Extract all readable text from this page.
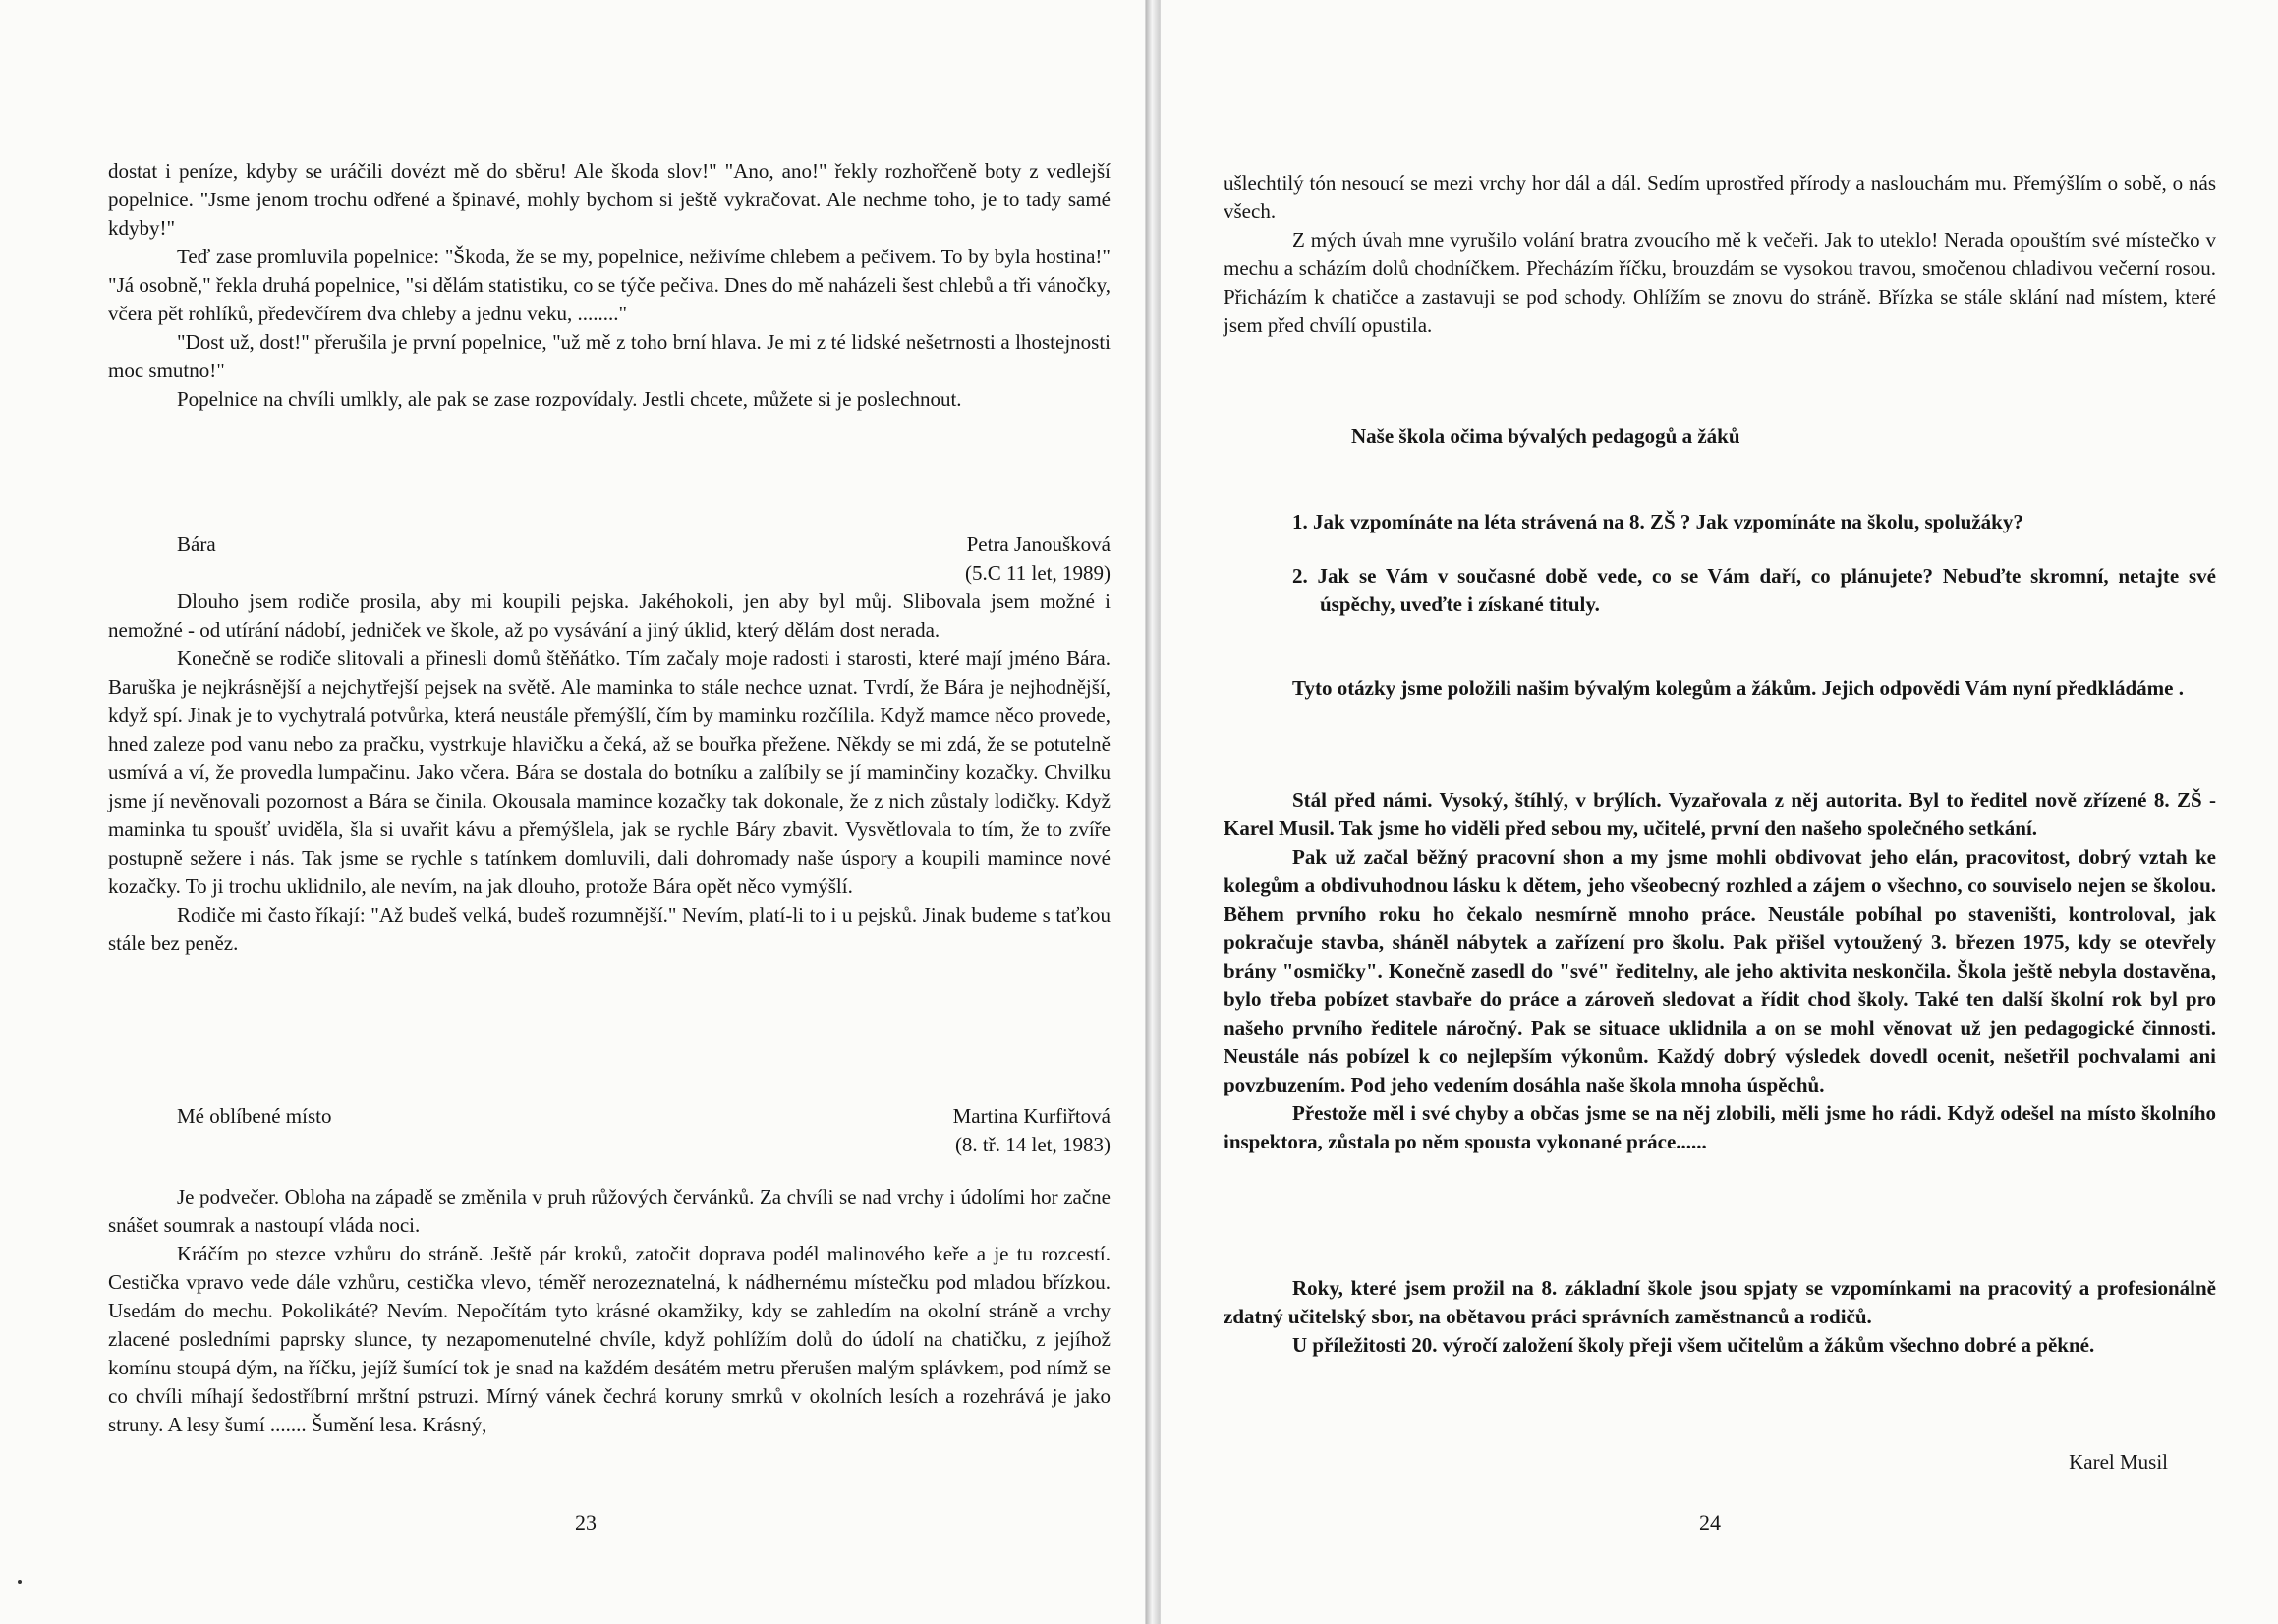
dostat i peníze, kdyby se uráčili dovézt mě do sběru! Ale škoda slov!" "Ano, ano!" řekly rozhořčeně boty z vedlejší popelnice. "Jsme jenom trochu odřené a špinavé, mohly bychom si ještě vykračovat. Ale nechme toho, je to tady samé kdyby!"

Teď zase promluvila popelnice: "Škoda, že se my, popelnice, neživíme chlebem a pečivem. To by byla hostina!" "Já osobně," řekla druhá popelnice, "si dělám statistiku, co se týče pečiva. Dnes do mě naházeli šest chlebů a tři vánočky, včera pět rohlíků, předevčírem dva chleby a jednu veku, ........"

"Dost už, dost!" přerušila je první popelnice, "už mě z toho brní hlava. Je mi z té lidské nešetrnosti a lhostejnosti moc smutno!"

Popelnice na chvíli umlkly, ale pak se zase rozpovídaly. Jestli chcete, můžete si je poslechnout.

Bára	Petra Janoušková
(5.C 11 let, 1989)

Dlouho jsem rodiče prosila, aby mi koupili pejska. Jakéhokoli, jen aby byl můj. Slibovala jsem možné i nemožné - od utírání nádobí, jedniček ve škole, až po vysávání a jiný úklid, který dělám dost nerada.

Konečně se rodiče slitovali a přinesli domů štěňátko. Tím začaly moje radosti i starosti, které mají jméno Bára. Baruška je nejkrásnější a nejchytřejší pejsek na světě. Ale maminka to stále nechce uznat. Tvrdí, že Bára je nejhodnější, když spí. Jinak je to vychytralá potvůrka, která neustále přemýšlí, čím by maminku rozčílila. Když mamce něco provede, hned zaleze pod vanu nebo za pračku, vystrkuje hlavičku a čeká, až se bouřka přežene. Někdy se mi zdá, že se potutelně usmívá a ví, že provedla lumpačinu. Jako včera. Bára se dostala do botníku a zalíbily se jí maminčiny kozačky. Chvilku jsme jí nevěnovali pozornost a Bára se činila. Okousala mamince kozačky tak dokonale, že z nich zůstaly lodičky. Když maminka tu spoušť uviděla, šla si uvařit kávu a přemýšlela, jak se rychle Báry zbavit. Vysvětlovala to tím, že to zvíře postupně sežere i nás. Tak jsme se rychle s tatínkem domluvili, dali dohromady naše úspory a koupili mamince nové kozačky. To ji trochu uklidnilo, ale nevím, na jak dlouho, protože Bára opět něco vymýšlí.

Rodiče mi často říkají: "Až budeš velká, budeš rozumnější." Nevím, platí-li to i u pejsků. Jinak budeme s taťkou stále bez peněz.

Mé oblíbené místo	Martina Kurfiřtová
(8. tř. 14 let, 1983)

Je podvečer. Obloha na západě se změnila v pruh růžových červánků. Za chvíli se nad vrchy i údolími hor začne snášet soumrak a nastoupí vláda noci.

Kráčím po stezce vzhůru do stráně. Ještě pár kroků, zatočit doprava podél malinového keře a je tu rozcestí. Cestička vpravo vede dále vzhůru, cestička vlevo, téměř nerozeznatelná, k nádhernému místečku pod mladou břízkou. Usedám do mechu. Pokolikáté? Nevím. Nepočítám tyto krásné okamžiky, kdy se zahledím na okolní stráně a vrchy zlacené posledními paprsky slunce, ty nezapomenutelné chvíle, když pohlížím dolů do údolí na chatičku, z jejíhož komínu stoupá dým, na říčku, jejíž šumící tok je snad na každém desátém metru přerušen malým splávkem, pod nímž se co chvíli míhají šedostříbrní mrštní pstruzi. Mírný vánek čechrá koruny smrků v okolních lesích a rozehrává je jako struny. A lesy šumí ....... Šumění lesa. Krásný,

23

ušlechtilý tón nesoucí se mezi vrchy hor dál a dál. Sedím uprostřed přírody a naslouchám mu. Přemýšlím o sobě, o nás všech.

Z mých úvah mne vyrušilo volání bratra zvoucího mě k večeři. Jak to uteklo! Nerada opouštím své místečko v mechu a scházím dolů chodníčkem. Přecházím říčku, brouzdám se vysokou travou, smočenou chladivou večerní rosou. Přicházím k chatičce a zastavuji se pod schody. Ohlížím se znovu do stráně. Břízka se stále sklání nad místem, které jsem před chvílí opustila.

Naše škola očima bývalých pedagogů a žáků

1. Jak vzpomínáte na léta strávená na 8. ZŠ ? Jak vzpomínáte na školu, spolužáky?

2. Jak se Vám v současné době vede, co se Vám daří, co plánujete? Nebuďte skromní, netajte své úspěchy, uveďte i získané tituly.

Tyto otázky jsme položili našim bývalým kolegům a žákům. Jejich odpovědi Vám nyní předkládáme .

Stál před námi. Vysoký, štíhlý, v brýlích. Vyzařovala z něj autorita. Byl to ředitel nově zřízené 8. ZŠ - Karel Musil. Tak jsme ho viděli před sebou my, učitelé, první den našeho společného setkání.

Pak už začal běžný pracovní shon a my jsme mohli obdivovat jeho elán, pracovitost, dobrý vztah ke kolegům a obdivuhodnou lásku k dětem, jeho všeobecný rozhled a zájem o všechno, co souviselo nejen se školou. Během prvního roku ho čekalo nesmírně mnoho práce. Neustále pobíhal po staveništi, kontroloval, jak pokračuje stavba, sháněl nábytek a zařízení pro školu. Pak přišel vytoužený 3. březen 1975, kdy se otevřely brány "osmičky". Konečně zasedl do "své" ředitelny, ale jeho aktivita neskončila. Škola ještě nebyla dostavěna, bylo třeba pobízet stavbaře do práce a zároveň sledovat a řídit chod školy. Také ten další školní rok byl pro našeho prvního ředitele náročný. Pak se situace uklidnila a on se mohl věnovat už jen pedagogické činnosti. Neustále nás pobízel k co nejlepším výkonům. Každý dobrý výsledek dovedl ocenit, nešetřil pochvalami ani povzbuzením. Pod jeho vedením dosáhla naše škola mnoha úspěchů.

Přestože měl i své chyby a občas jsme se na něj zlobili, měli jsme ho rádi. Když odešel na místo školního inspektora, zůstala po něm spousta vykonané práce......

Roky, které jsem prožil na 8. základní škole jsou spjaty se vzpomínkami na pracovitý a profesionálně zdatný učitelský sbor, na obětavou práci správních zaměstnanců a rodičů.

U příležitosti 20. výročí založení školy přeji všem učitelům a žákům všechno dobré a pěkné.

Karel Musil
24
